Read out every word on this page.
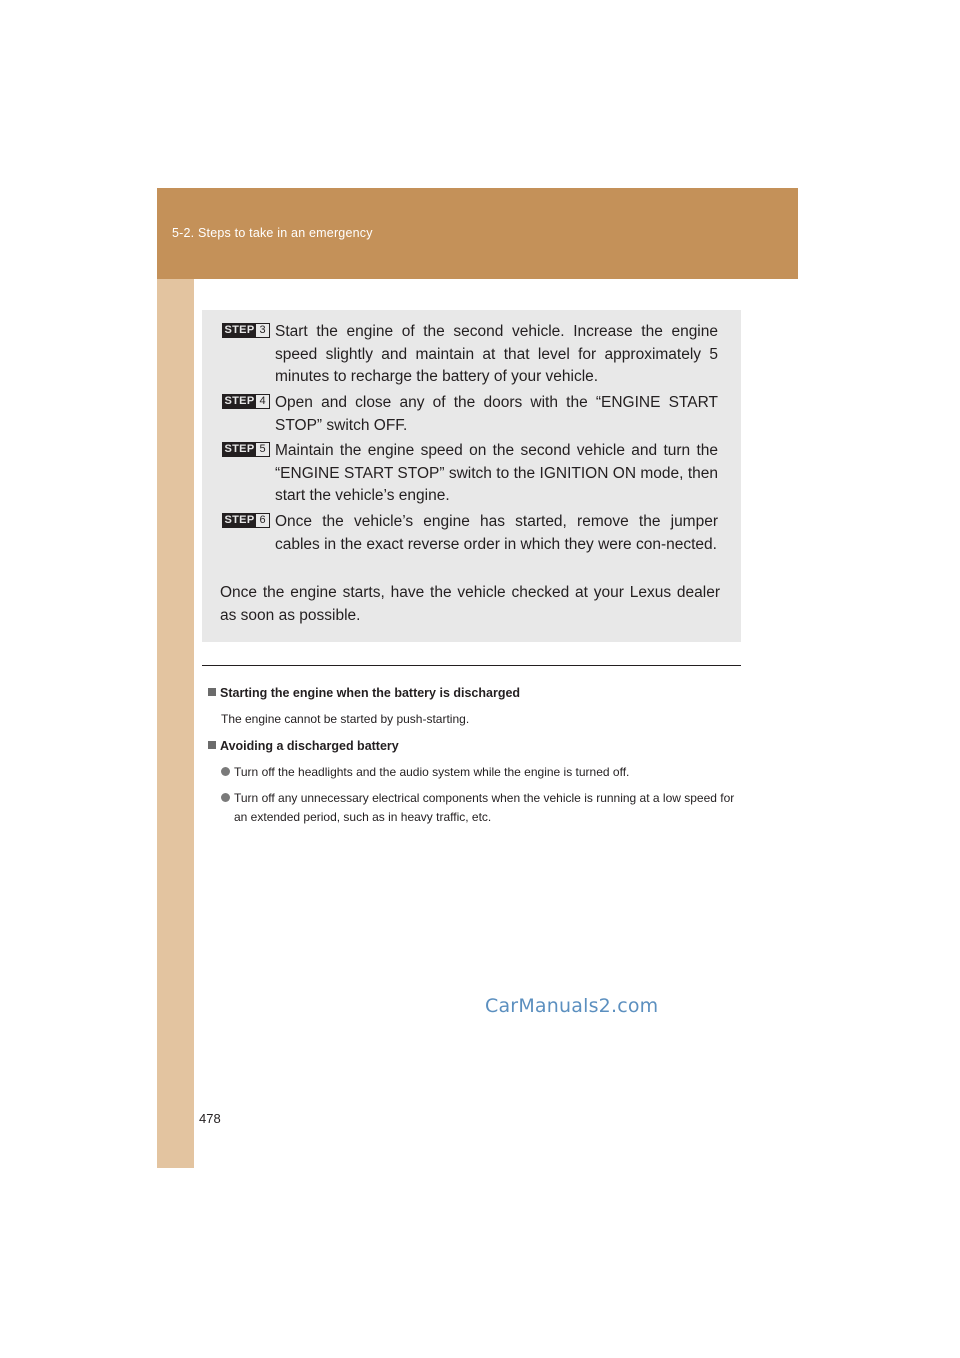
5-2. Steps to take in an emergency
STEP 3 Start the engine of the second vehicle. Increase the engine speed slightly and maintain at that level for approximately 5 minutes to recharge the battery of your vehicle.
STEP 4 Open and close any of the doors with the “ENGINE START STOP” switch OFF.
STEP 5 Maintain the engine speed on the second vehicle and turn the “ENGINE START STOP” switch to the IGNITION ON mode, then start the vehicle’s engine.
STEP 6 Once the vehicle’s engine has started, remove the jumper cables in the exact reverse order in which they were con-nected.
Once the engine starts, have the vehicle checked at your Lexus dealer as soon as possible.
Starting the engine when the battery is discharged
The engine cannot be started by push-starting.
Avoiding a discharged battery
Turn off the headlights and the audio system while the engine is turned off.
Turn off any unnecessary electrical components when the vehicle is running at a low speed for an extended period, such as in heavy traffic, etc.
CarManuals2.com
478
